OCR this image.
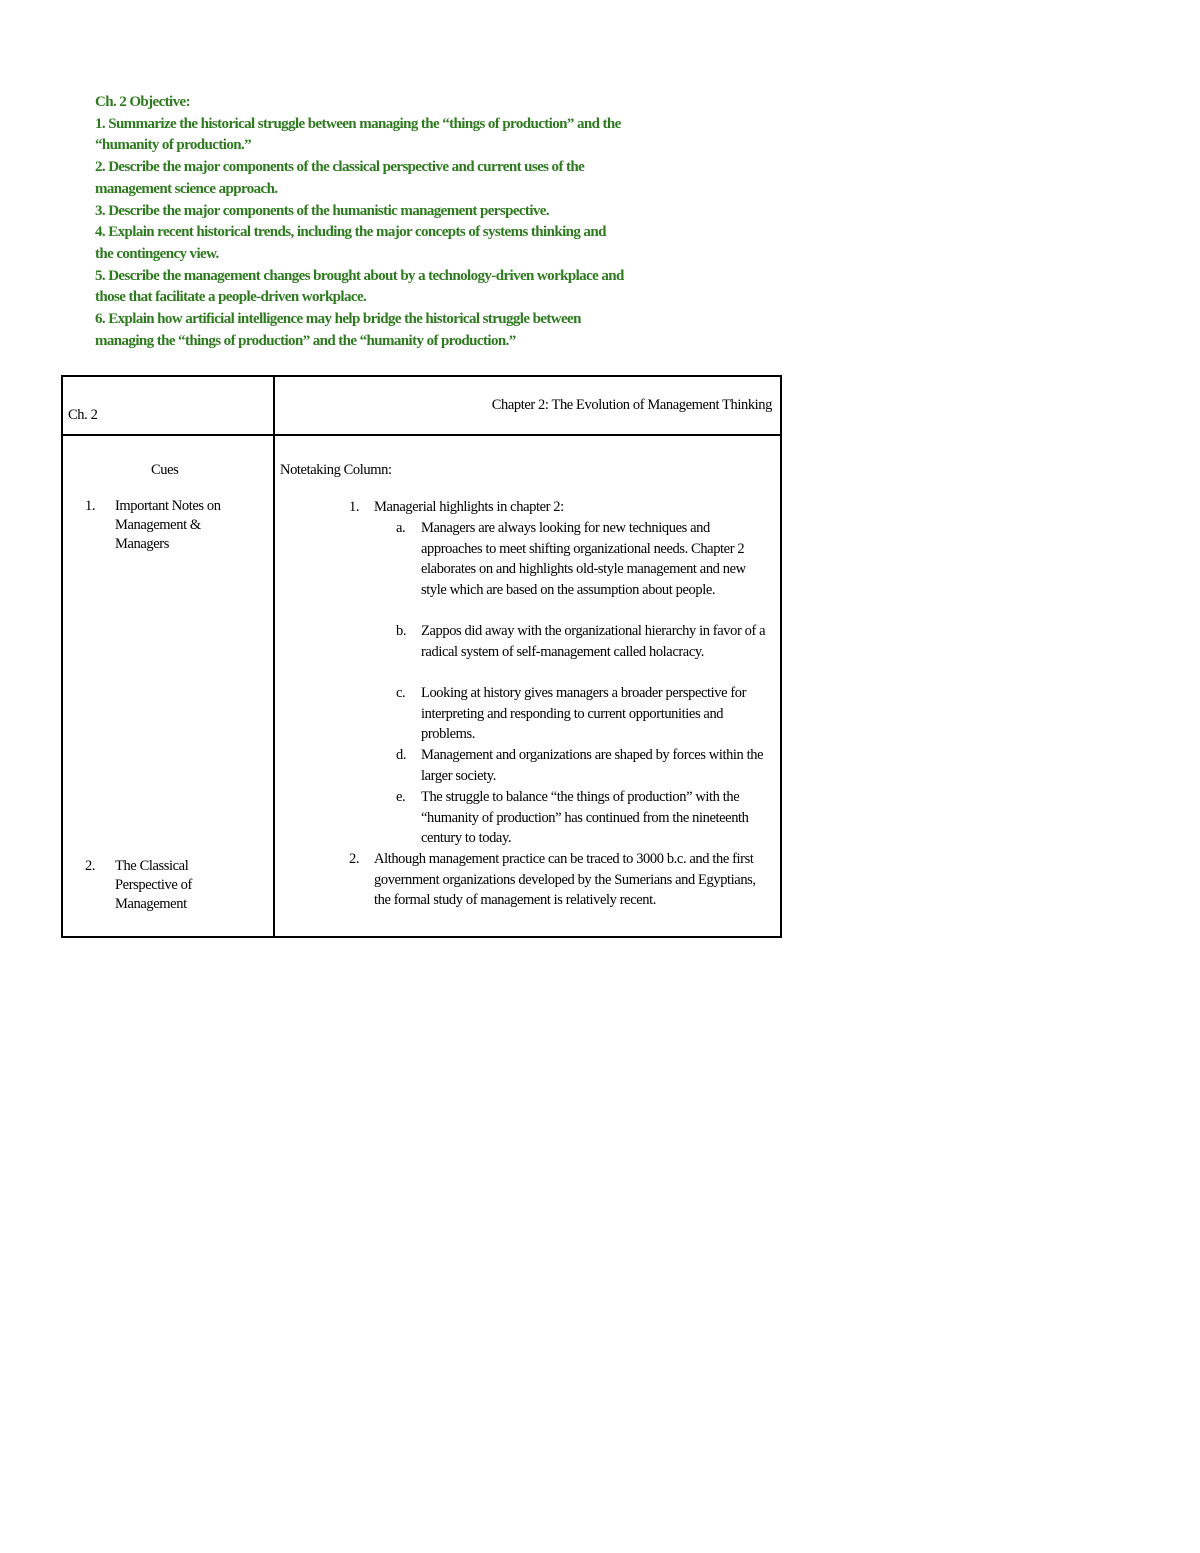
Ch. 2 Objective:
1. Summarize the historical struggle between managing the “things of production” and the
“humanity of production.”
2. Describe the major components of the classical perspective and current uses of the
management science approach.
3. Describe the major components of the humanistic management perspective.
4. Explain recent historical trends, including the major concepts of systems thinking and
the contingency view.
5. Describe the management changes brought about by a technology-driven workplace and
those that facilitate a people-driven workplace.
6. Explain how artificial intelligence may help bridge the historical struggle between
managing the “things of production” and the “humanity of production.”
Ch. 2
Chapter 2: The Evolution of Management Thinking
Cues	Notetaking Column:
1. Important Notes on Management & Managers
2. The Classical Perspective of Management
1. Managerial highlights in chapter 2:
a. Managers are always looking for new techniques and approaches to meet shifting organizational needs. Chapter 2 elaborates on and highlights old-style management and new style which are based on the assumption about people.
b. Zappos did away with the organizational hierarchy in favor of a radical system of self-management called holacracy.
c. Looking at history gives managers a broader perspective for interpreting and responding to current opportunities and problems.
d. Management and organizations are shaped by forces within the larger society.
e. The struggle to balance “the things of production” with the “humanity of production” has continued from the nineteenth century to today.
2. Although management practice can be traced to 3000 b.c. and the first government organizations developed by the Sumerians and Egyptians, the formal study of management is relatively recent.
